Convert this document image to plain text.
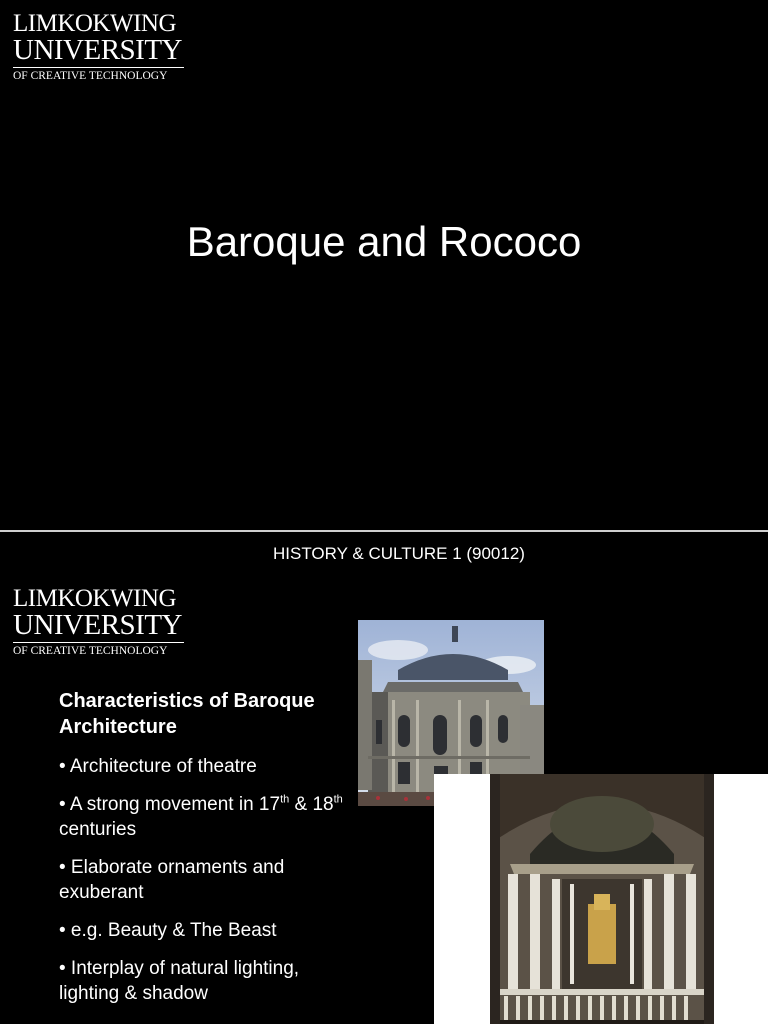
LIMKOKWING
UNIVERSITY
OF CREATIVE TECHNOLOGY
Baroque and Rococo
HISTORY & CULTURE 1 (90012)
LIMKOKWING
UNIVERSITY
OF CREATIVE TECHNOLOGY
Characteristics of Baroque Architecture
• Architecture of theatre
• A strong movement in 17th & 18th centuries
• Elaborate ornaments and exuberant
• e.g. Beauty & The Beast
• Interplay of natural lighting, lighting & shadow
